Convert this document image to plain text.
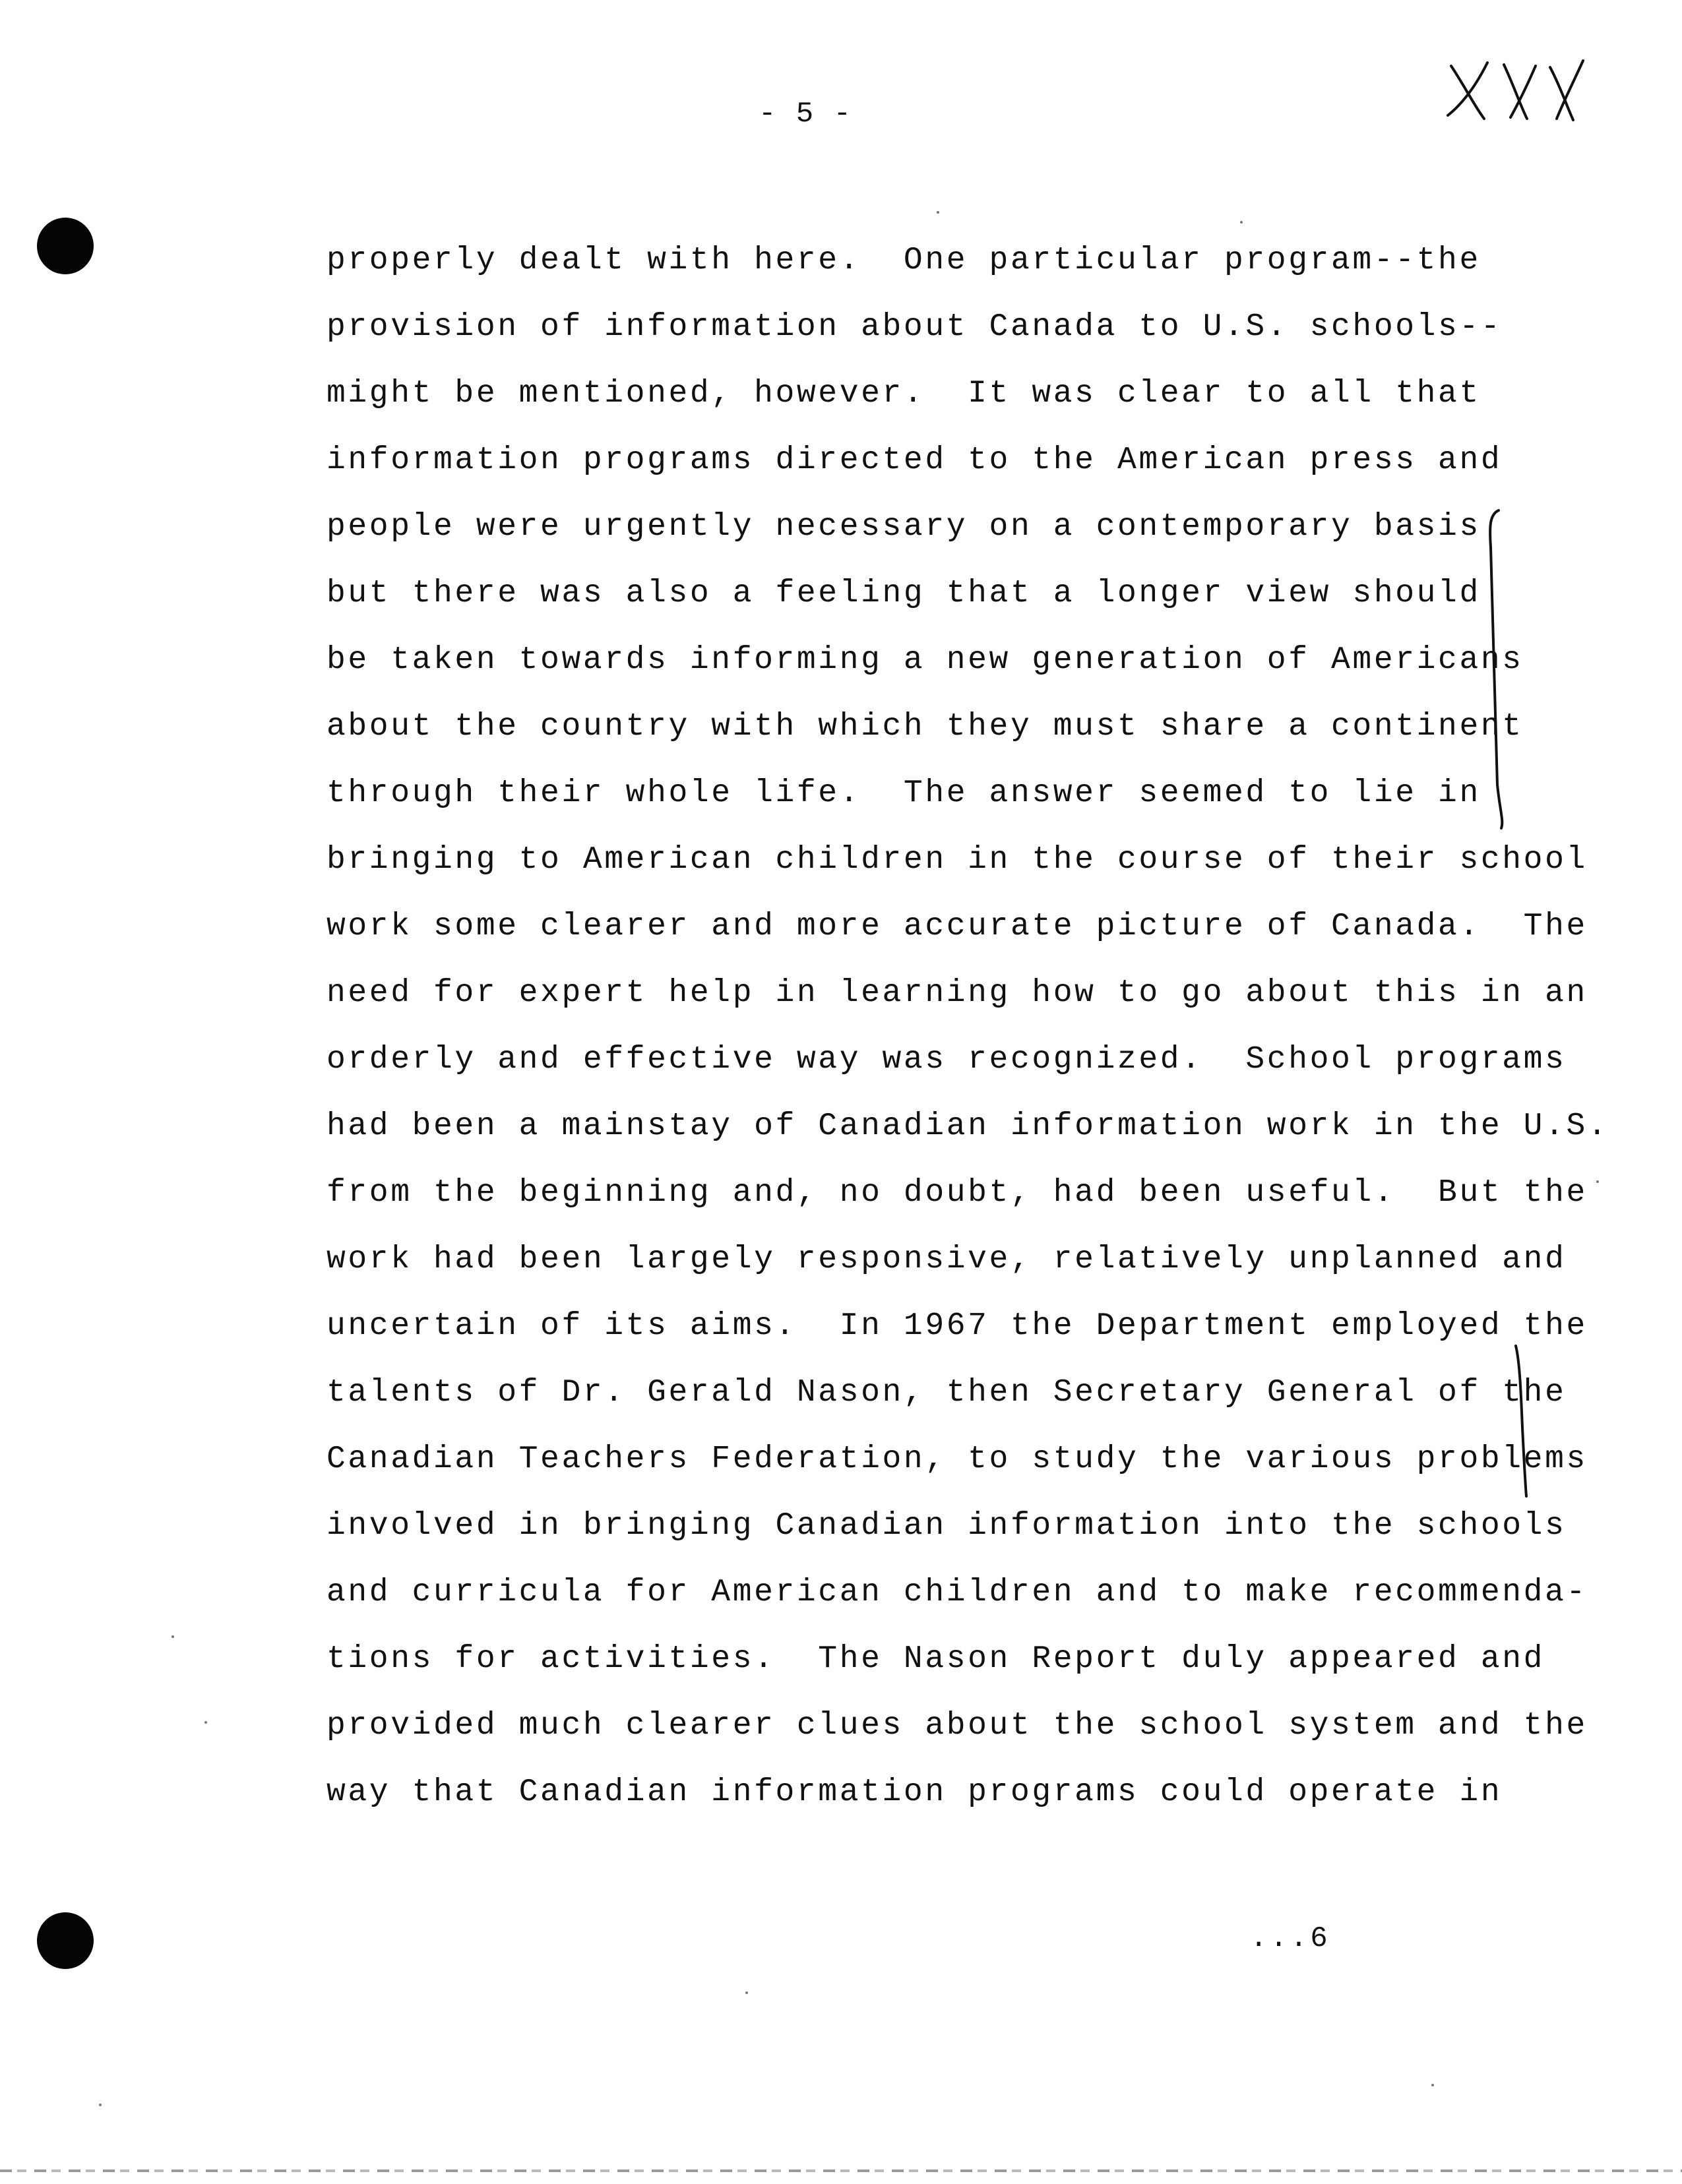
- 5 -
properly dealt with here.  One particular program--the
provision of information about Canada to U.S. schools--
might be mentioned, however.  It was clear to all that
information programs directed to the American press and
people were urgently necessary on a contemporary basis
but there was also a feeling that a longer view should
be taken towards informing a new generation of Americans
about the country with which they must share a continent
through their whole life.  The answer seemed to lie in
bringing to American children in the course of their school
work some clearer and more accurate picture of Canada.  The
need for expert help in learning how to go about this in an
orderly and effective way was recognized.  School programs
had been a mainstay of Canadian information work in the U.S.
from the beginning and, no doubt, had been useful.  But the
work had been largely responsive, relatively unplanned and
uncertain of its aims.  In 1967 the Department employed the
talents of Dr. Gerald Nason, then Secretary General of the
Canadian Teachers Federation, to study the various problems
involved in bringing Canadian information into the schools
and curricula for American children and to make recommenda-
tions for activities.  The Nason Report duly appeared and
provided much clearer clues about the school system and the
way that Canadian information programs could operate in
...6
